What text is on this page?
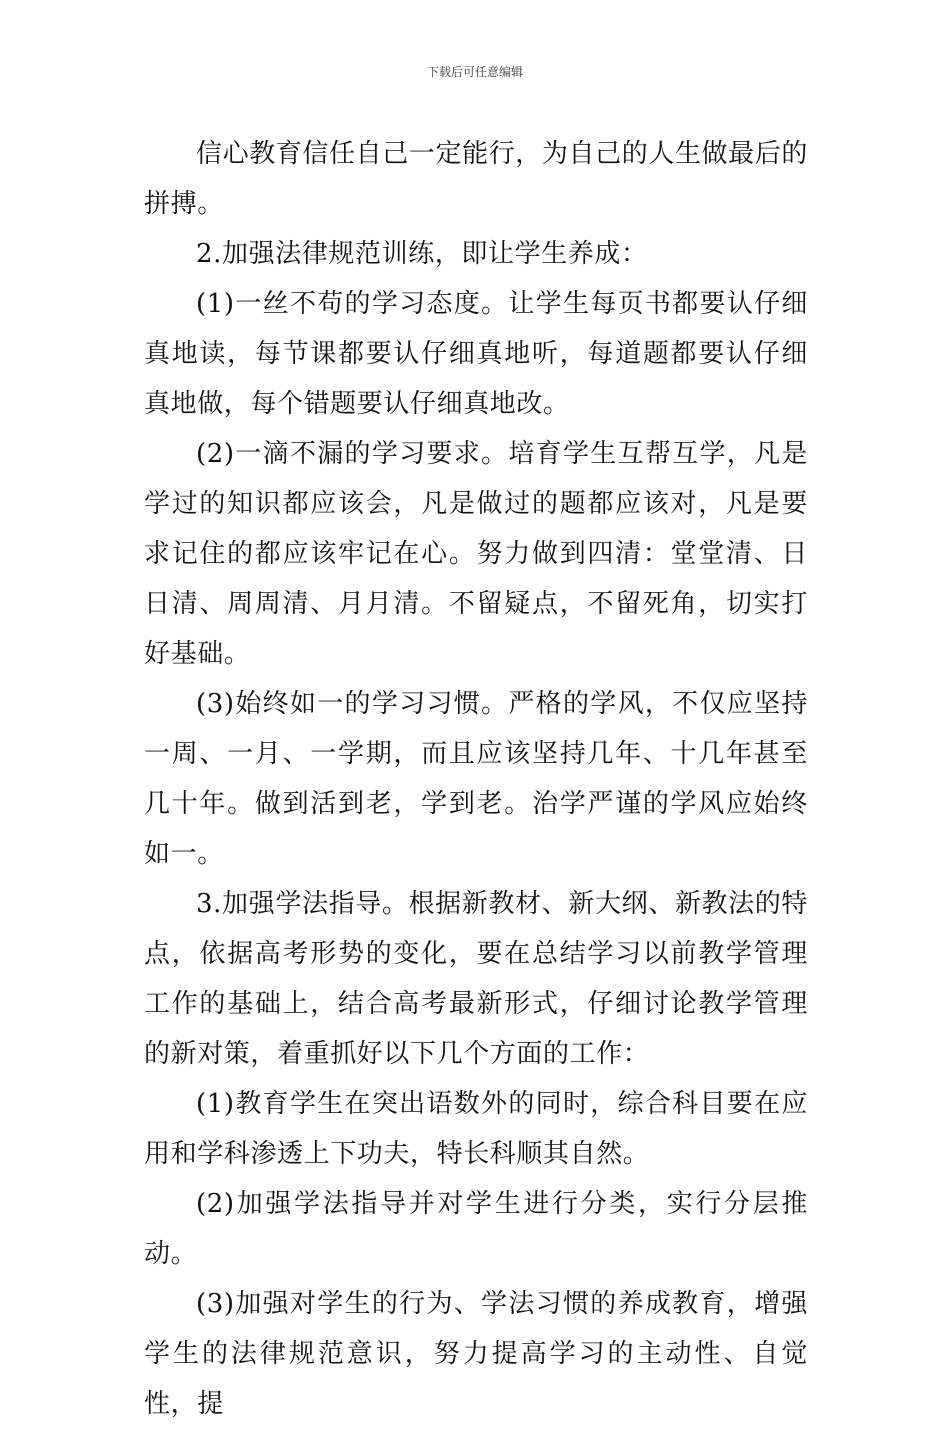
下载后可任意编辑

信心教育信任自己一定能行，为自己的人生做最后的拼搏。

2.加强法律规范训练，即让学生养成：

(1)一丝不苟的学习态度。让学生每页书都要认仔细真地读，每节课都要认仔细真地听，每道题都要认仔细真地做，每个错题要认仔细真地改。

(2)一滴不漏的学习要求。培育学生互帮互学，凡是学过的知识都应该会，凡是做过的题都应该对，凡是要求记住的都应该牢记在心。努力做到四清：堂堂清、日日清、周周清、月月清。不留疑点，不留死角，切实打好基础。

(3)始终如一的学习习惯。严格的学风，不仅应坚持一周、一月、一学期，而且应该坚持几年、十几年甚至几十年。做到活到老，学到老。治学严谨的学风应始终如一。

3.加强学法指导。根据新教材、新大纲、新教法的特点，依据高考形势的变化，要在总结学习以前教学管理工作的基础上，结合高考最新形式，仔细讨论教学管理的新对策，着重抓好以下几个方面的工作：

(1)教育学生在突出语数外的同时，综合科目要在应用和学科渗透上下功夫，特长科顺其自然。

(2)加强学法指导并对学生进行分类，实行分层推动。

(3)加强对学生的行为、学法习惯的养成教育，增强学生的法律规范意识，努力提高学习的主动性、自觉性，提
